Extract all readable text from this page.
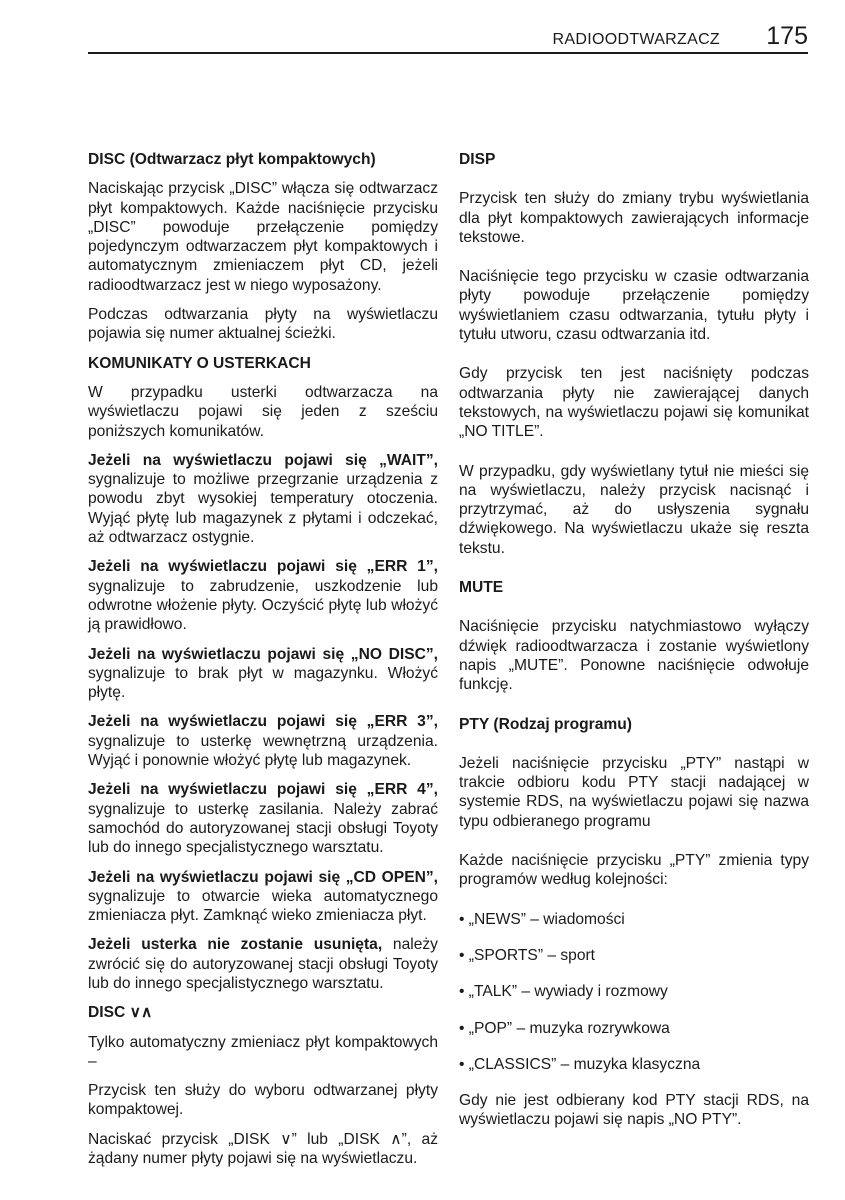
RADIOODTWARZACZ 175
DISC (Odtwarzacz płyt kompaktowych)

Naciskając przycisk „DISC” włącza się odtwarzacz płyt kompaktowych. Każde naciśnięcie przycisku „DISC” powoduje przełączenie pomiędzy pojedynczym odtwarzaczem płyt kompaktowych i automatycznym zmieniaczem płyt CD, jeżeli radioodtwarzacz jest w niego wyposażony.

Podczas odtwarzania płyty na wyświetlaczu pojawia się numer aktualnej ścieżki.

KOMUNIKATY O USTERKACH

W przypadku usterki odtwarzacza na wyświetlaczu pojawi się jeden z sześciu poniższych komunikatów.

Jeżeli na wyświetlaczu pojawi się „WAIT”, sygnalizuje to możliwe przegrzanie urządzenia z powodu zbyt wysokiej temperatury otoczenia. Wyjąć płytę lub magazynek z płytami i odczekać, aż odtwarzacz ostygnie.

Jeżeli na wyświetlaczu pojawi się „ERR 1”, sygnalizuje to zabrudzenie, uszkodzenie lub odwrotne włożenie płyty. Oczyścić płytę lub włożyć ją prawidłowo.

Jeżeli na wyświetlaczu pojawi się „NO DISC”, sygnalizuje to brak płyt w magazynku. Włożyć płytę.

Jeżeli na wyświetlaczu pojawi się „ERR 3”, sygnalizuje to usterkę wewnętrzną urządzenia. Wyjąć i ponownie włożyć płytę lub magazynek.

Jeżeli na wyświetlaczu pojawi się „ERR 4”, sygnalizuje to usterkę zasilania. Należy zabrać samochód do autoryzowanej stacji obsługi Toyoty lub do innego specjalistycznego warsztatu.

Jeżeli na wyświetlaczu pojawi się „CD OPEN”, sygnalizuje to otwarcie wieka automatycznego zmieniacza płyt. Zamknąć wieko zmieniacza płyt.

Jeżeli usterka nie zostanie usunięta, należy zwrócić się do autoryzowanej stacji obsługi Toyoty lub do innego specjalistycznego warsztatu.

DISC ∨∧

Tylko automatyczny zmieniacz płyt kompaktowych –

Przycisk ten służy do wyboru odtwarzanej płyty kompaktowej.

Naciskać przycisk „DISK ∨” lub „DISK ∧”, aż żądany numer płyty pojawi się na wyświetlaczu.

DISP

Przycisk ten służy do zmiany trybu wyświetlania dla płyt kompaktowych zawierających informacje tekstowe.

Naciśnięcie tego przycisku w czasie odtwarzania płyty powoduje przełączenie pomiędzy wyświetlaniem czasu odtwarzania, tytułu płyty i tytułu utworu, czasu odtwarzania itd.

Gdy przycisk ten jest naciśnięty podczas odtwarzania płyty nie zawierającej danych tekstowych, na wyświetlaczu pojawi się komunikat „NO TITLE”.

W przypadku, gdy wyświetlany tytuł nie mieści się na wyświetlaczu, należy przycisk nacisnąć i przytrzymać, aż do usłyszenia sygnału dźwiękowego. Na wyświetlaczu ukaże się reszta tekstu.

MUTE

Naciśnięcie przycisku natychmiastowo wyłączy dźwięk radioodtwarzacza i zostanie wyświetlony napis „MUTE”. Ponowne naciśnięcie odwołuje funkcję.

PTY (Rodzaj programu)

Jeżeli naciśnięcie przycisku „PTY” nastąpi w trakcie odbioru kodu PTY stacji nadającej w systemie RDS, na wyświetlaczu pojawi się nazwa typu odbieranego programu

Każde naciśnięcie przycisku „PTY” zmienia typy programów według kolejności:

• „NEWS” – wiadomości

• „SPORTS” – sport

• „TALK” – wywiady i rozmowy

• „POP” – muzyka rozrywkowa

• „CLASSICS” – muzyka klasyczna

Gdy nie jest odbierany kod PTY stacji RDS, na wyświetlaczu pojawi się napis „NO PTY”.
